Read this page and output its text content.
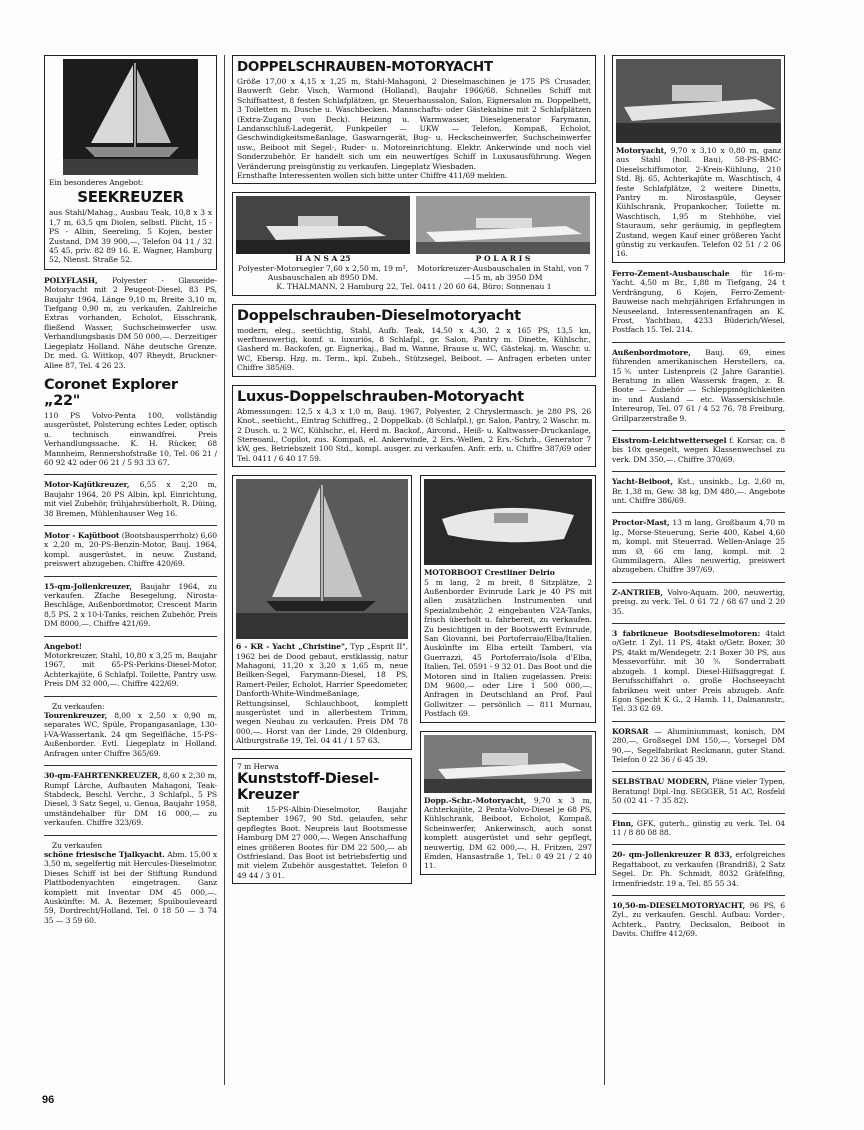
Ein besonderes Angebot:
SEEKREUZER
aus Stahl/Mahag., Ausbau Teak, 10,8 x 3 x 1,7 m, 63,5 qm Diolen, selbstl. Plicht, 15 - PS - Albin, Seereling, 5 Kojen, bester Zustand, DM 39 900,—, Telefon 04 11 / 32 45 45, priv. 82 89 16. E. Wagner, Hamburg 52, Nienst. Straße 52.
POLYFLASH, Polyester - Glasseide-Motoryacht mit 2 Peugeot-Diesel, 83 PS, Baujahr 1964, Länge 9,10 m, Breite 3,10 m, Tiefgang 0,90 m, zu verkaufen. Zahlreiche Extras vorhanden, Echolot, Eisschrank, fließend Wasser, Suchscheinwerfer usw. Verhandlungsbasis DM 50 000,—. Derzeitiger Liegeplatz Holland. Nähe deutsche Grenze. Dr. med. G. Wittkop, 407 Rheydt, Bruckner-Allee 87, Tel. 4 26 23.
Coronet Explorer „22"
110 PS Volvo-Penta 100, vollständig ausgerüstet, Polsterung echtes Leder, optisch u. technisch einwandfrei. Preis Verhandlungssache. K. H. Rücker, 68 Mannheim, Rennershofstraße 10, Tel. 06 21 / 60 92 42 oder 06 21 / 5 93 33 67.
Motor-Kajütkreuzer, 6,55 x 2,20 m, Baujahr 1964, 20 PS Albin, kpl. Einrichtung, mit viel Zubehör, frühjahrsüberholt, R. Düing, 38 Bremen, Mühlenhauser Weg 16.
Motor - Kajütboot (Bootsbausperrholz) 6,60 x 2,20 m, 20-PS-Benzin-Motor, Bauj. 1964, kompl. ausgerüstet, in neuw. Zustand, preiswert abzugeben. Chiffre 420/69.
15-qm-Jollenkreuzer, Baujahr 1964, zu verkaufen. Zfache Besegelung, Nirosta-Beschläge, Außenbordmotor, Crescent Marin 8,5 PS, 2 x 10-l-Tanks, reichen Zubehör, Preis DM 8000,—. Chiffre 421/69.
Angebot!
Motorkreuzer, Stahl, 10,80 x 3,25 m, Baujahr 1967, mit 65-PS-Perkins-Diesel-Motor, Achterkajüte, 6 Schlafpl. Toilette, Pantry usw. Preis DM 32 000,—. Chiffre 422/69.
Zu verkaufen:
Tourenkreuzer, 8,00 x 2,50 x 0,90 m, separates WC, Spüle, Propangasanlage, 130-l-VA-Wassertank. 24 qm Segelfläche, 15-PS-Außenborder. Evtl. Liegeplatz in Holland. Anfragen unter Chiffre 365/69.
30-qm-FAHRTENKREUZER, 8,60 x 2,30 m, Rumpf Lärche, Aufbauten Mahagoni, Teak-Stabdeck, Beschl. Verchr., 3 Schlafpl., 5 PS Diesel, 3 Satz Segel, u. Genua, Baujahr 1958, umständehalber für DM 16 000,— zu verkaufen. Chiffre 323/69.
Zu verkaufen
schöne friesische Tjalkyacht. Abm. 15,00 x 3,50 m, segelfertig mit Hercules-Dieselmotor. Dieses Schiff ist bei der Stiftung Rundund Plattbodenyachten eingetragen. Ganz komplett mit Inventar DM 45 000,—. Auskünfte: M. A. Bezemer, Spuibouleveard 59, Dordrecht/Holland, Tel. 0 18 50 — 3 74 35 — 3 59 60.
DOPPELSCHRAUBEN-MOTORYACHT
Größe 17,00 x 4,15 x 1,25 m, Stahl-Mahagoni, 2 Dieselmaschinen je 175 PS Crusader, Bauwerft Gebr. Visch, Warmond (Holland), Baujahr 1966/68. Schnelles Schiff mit Schiffsattest, 8 festen Schlafplätzen, gr. Steuerhaussalon, Salon, Eignersalon m. Doppelbett, 3 Toiletten m. Dusche u. Waschbecken. Mannschafts- oder Gästekabine mit 2 Schlafplätzen (Extra-Zugang von Deck). Heizung u. Warmwasser, Dieselgenerator Farymann, Landanschluß-Ladegerät, Funkpeiler — UKW — Telefon, Kompaß, Echolot, Geschwindigkeitsmeßanlage, Gaswarngerät, Bug- u. Heckscheinwerfer, Suchscheinwerfer usw., Beiboot mit Segel-, Ruder- u. Motoreinrichtung. Elektr. Ankerwinde und noch viel Sonderzubehör. Er handelt sich um ein neuwertiges Schiff in Luxusausführung. Wegen Veränderung preisgünstig zu verkaufen. Liegeplatz Wiesbaden.
Ernsthafte Interessenten wollen sich bitte unter Chiffre 411/69 melden.
H A N S A 25
Polyester-Motorsegler 7,60 x 2,50 m, 19 m², Ausbauschalen ab 8950 DM.
P O L A R I S
Motorkreuzer-Ausbauschalen in Stahl, von 7—15 m, ab 3950 DM
K. THALMANN, 2 Hamburg 22, Tel. 0411 / 20 60 64, Büro: Sonnenau 1
Doppelschrauben-Dieselmotoryacht
modern, eleg., seetüchtig, Stahl, Aufb. Teak, 14,50 x 4,30, 2 x 165 PS, 13,5 kn, werftneuwertig, komf. u. luxuriös, 8 Schlafpl., gr. Salon, Pantry m. Dinette, Kühlschr., Gasherd m. Backofen, gr. Eignerkaj., Bad m. Wanne, Brause u. WC, Gästekaj. m. Waschr. u. WC, Ebersp. Hzg. m. Term., kpl. Zubeh., Stützsegel, Beiboot. — Anfragen erbeten unter Chiffre 385/69.
Luxus-Doppelschrauben-Motoryacht
Abmessungen: 12,5 x 4,3 x 1,0 m, Bauj. 1967, Polyester, 2 Chryslermasch. je 280 PS, 26 Knot., seetücht., Eintrag Schiffreg., 2 Doppelkab. (8 Schlafpl.), gr. Salon, Pantry, 2 Waschr. m. 2 Dusch. u. 2 WC, Kühlschr., el. Herd m. Backof., Aircond., Heiß- u. Kaltwasser-Druckanlage, Stereoanl., Copilot, zus. Kompaß, el. Ankerwinde, 2 Ers.-Wellen, 2 Ers.-Schrb., Generator 7 kW, ges. Betriebszeit 100 Std., kompl. ausger. zu verkaufen. Anfr. erb. u. Chiffre 387/69 oder Tel. 0411 / 6 40 17 59.
6 - KR - Yacht „Christine", Typ „Esprit II", 1962 bei de Dood gebaut, erstklassig, natur Mahagoni, 11,20 x 3,20 x 1,65 m, neue Beilken-Segel, Farymann-Diesel, 18 PS, Ramert-Peiler, Echolot, Harrier Speedometer, Danforth-White-Windmeßanlage, Rettungsinsel, Schlauchboot, komplett ausgerüstet und in allerbestem Trimm, wegen Neubau zu verkaufen. Preis DM 78 000,—. Horst van der Linde, 29 Oldenburg, Altburgstraße 19, Tel. 04 41 / 1 57 63.
7 m Herwa
Kunststoff-Diesel-Kreuzer
mit 15-PS-Albin-Dieselmotor, Baujahr September 1967, 90 Std. gelaufen, sehr gepflegtes Boot. Neupreis laut Bootsmesse Hamburg DM 27 000,—. Wegen Anschaffung eines größeren Bootes für DM 22 500,— ab Ostfriesland. Das Boot ist betriebsfertig und mit vielem Zubehör ausgestattet. Telefon 0 49 44 / 3 01.
MOTORBOOT Crestliner Delrio
5 m lang, 2 m breit, 8 Sitzplätze, 2 Außenborder Evinrude Lark je 40 PS mit allen zusätzlichen Instrumenten und Spezialzubehör, 2 eingebauten V2A-Tanks, frisch überholt u. fahrbereit, zu verkaufen. Zu besichtigen in der Bootswerft Evinrude, San Giovanni, bei Portoferraio/Elba/Italien. Auskünfte im Elba erteilt Tamberi, via Guerrazzi, 45 Portoferraio/Isola d'Elba, Italien, Tel. 0591 - 9 32 01. Das Boot und die Motoren sind in Italien zugelassen. Preis: DM 9600,— oder Lire 1 500 000,—. Anfragen in Deutschland an Prof. Paul Gollwitzer — persönlich — 811 Murnau, Postfach 69.
Dopp.-Schr.-Motoryacht, 9,70 x 3 m, Achterkajüte, 2 Penta-Volvo-Diesel je 68 PS, Kühlschrank, Beiboot, Echolot, Kompaß, Scheinwerfer, Ankerwinsch, auch sonst komplett ausgerüstet und sehr gepflegt, neuwertig, DM 62 000,—. H. Fritzen, 297 Emden, Hansastraße 1, Tel.: 0 49 21 / 2 40 11.
Motoryacht, 9,70 x 3,10 x 0,80 m, ganz aus Stahl (holl. Bau), 58-PS-BMC-Dieselschiffsmotor, 2-Kreis-Kühlung, 210 Std. Bj. 65, Achterkajüte m. Waschtisch, 4 feste Schlafplätze, 2 weitere Dinetts, Pantry m. Nirostaspüle, Geyser Kühlschrank, Propankocher, Toilette m. Waschtisch, 1,95 m Stehhöhe, viel Stauraum, sehr geräumig, in gepflegtem Zustand, wegen Kauf einer größeren Yacht günstig zu verkaufen. Telefon 02 51 / 2 06 16.
Ferro-Zement-Ausbauschale für 16-m-Yacht. 4,50 m Br., 1,88 m Tiefgang, 24 t Verdrängung, 6 Kojen, Ferro-Zement-Bauweise nach mehrjährigen Erfahrungen in Neuseeland. Interessentenanfragen an K. Frost, Yachtbau, 4233 Büderich/Wesel, Postfach 15. Tel. 214.
Außenbordmotore, Bauj. 69, eines führenden amerikanischen Herstellers, ca. 15⅗ unter Listenpreis (2 Jahre Garantie). Beratung in allen Wassersk fragen, z. B. Boote — Zubehör — Schleppmöglichkeiten in- und Ausland — etc. Wasserskischule. Intereurop, Tel. 07 61 / 4 52 76, 78 Freiburg, Grillparzerstraße 9.
Eisstrom-Leichtwettersegel f. Korsar, ca. 8 bis 10x gesegelt, wegen Klassenwechsel zu verk. DM 350,—. Chiffre 370/69.
Yacht-Beiboot, Kst., unsinkb., Lg. 2,60 m, Br. 1,38 m, Gew. 38 kg, DM 480,—. Angebote unt. Chiffre 386/69.
Proctor-Mast, 13 m lang, Großbaum 4,70 m lg., Morse-Steuerung, Serie 400, Kabel 4,60 m, kompl. mit Steuerrad. Wellen-Anlage 25 mm Ø, 66 cm lang, kompl. mit 2 Gummilagern. Alles neuwertig, preiswert abzugeben. Chiffre 397/69.
Z-ANTRIEB, Volvo-Aquam. 200, neuwertig, preisg. zu verk. Tel. 0 61 72 / 68 67 und 2 20 35.
3 fabrikneue Bootsdieselmotoren: 4takt o/Getr. 1 Zyl. 11 PS, 4takt o/Getr. Boxer, 30 PS, 4takt m/Wendegetr. 2:1 Boxer 30 PS, aus Messevorführ. mit 30 ⅗ Sonderrabatt abzugeb. 1 kompl. Diesel-Hilfsaggregat f. Berufsschiffahrt o. große Hochseeyacht fabrikneu weit unter Preis abzugeb. Anfr. Egon Specht K G., 2 Hamb. 11, Dalmannstr., Tel. 33 62 69.
KORSAR — Aluminiummast, konisch, DM 280,—, Großsegel DM 150,—, Vorsegel DM 90,—, Segelfabrikat Reckmann, guter Stand. Telefon 0 22 36 / 6 45 39.
SELBSTBAU MODERN, Pläne vieler Typen, Beratung! Dipl.-Ing. SEGGER, 51 AC, Rosfeld 50 (02 41 - 7 35 82).
Finn, GFK, guterh., günstig zu verk. Tel. 04 11 / 8 80 08 88.
20- qm-Jollenkreuzer R 833, erfolgreiches Regattaboot, zu verkaufen (Brandriß), 2 Satz Segel. Dr. Ph. Schmidt, 8032 Gräfelfing, Irmenfriedstr. 19 a, Tel. 85 55 34.
10,50-m-DIESELMOTORYACHT, 96 PS, 6 Zyl., zu verkaufen. Geschl. Aufbau: Vorder-, Achterk., Pantry, Decksalon, Beiboot in Davits. Chiffre 412/69.
96
